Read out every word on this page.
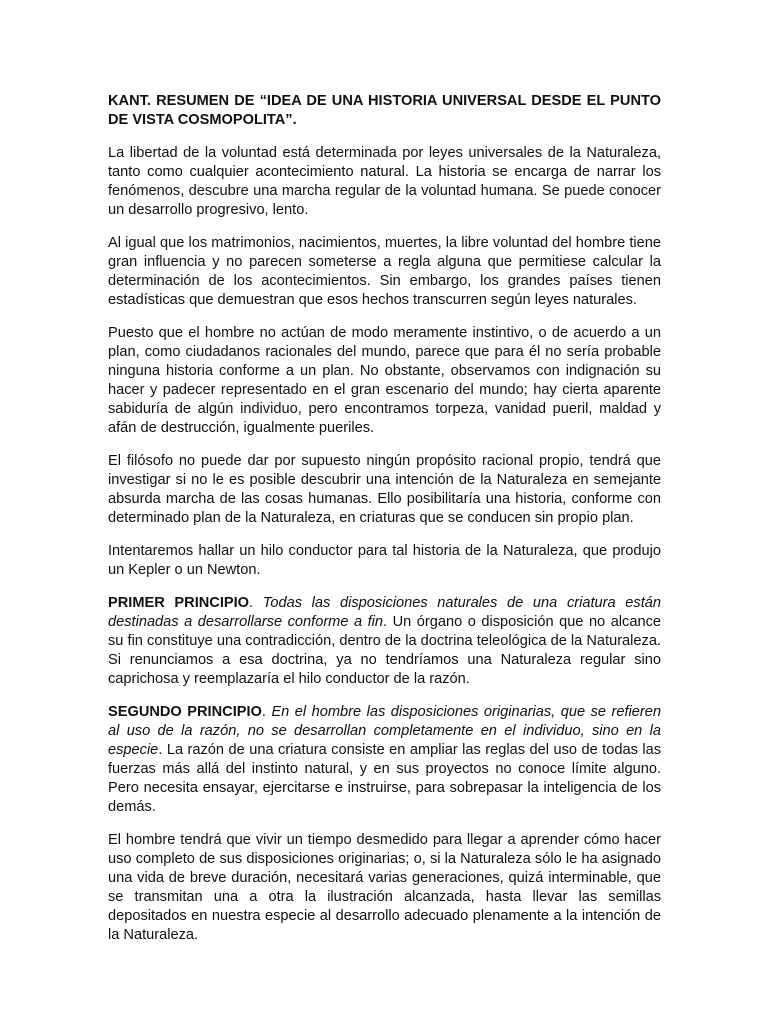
KANT. RESUMEN DE “IDEA DE UNA HISTORIA UNIVERSAL DESDE EL PUNTO DE VISTA COSMOPOLITA”.

La libertad de la voluntad está determinada por leyes universales de la Naturaleza, tanto como cualquier acontecimiento natural. La historia se encarga de narrar los fenómenos, descubre una marcha regular de la voluntad humana. Se puede conocer un desarrollo progresivo, lento.

Al igual que los matrimonios, nacimientos, muertes, la libre voluntad del hombre tiene gran influencia y no parecen someterse a regla alguna que permitiese calcular la determinación de los acontecimientos. Sin embargo, los grandes países tienen estadísticas que demuestran que esos hechos transcurren según leyes naturales.

Puesto que el hombre no actúan de modo meramente instintivo, o de acuerdo a un plan, como ciudadanos racionales del mundo, parece que para él no sería probable ninguna historia conforme a un plan. No obstante, observamos con indignación su hacer y padecer representado en el gran escenario del mundo; hay cierta aparente sabiduría de algún individuo, pero encontramos torpeza, vanidad pueril, maldad y afán de destrucción, igualmente pueriles.

El filósofo no puede dar por supuesto ningún propósito racional propio, tendrá que investigar si no le es posible descubrir una intención de la Naturaleza en semejante absurda marcha de las cosas humanas. Ello posibilitaría una historia, conforme con determinado plan de la Naturaleza, en criaturas que se conducen sin propio plan.

Intentaremos hallar un hilo conductor para tal historia de la Naturaleza, que produjo un Kepler o un Newton.

PRIMER PRINCIPIO. Todas las disposiciones naturales de una criatura están destinadas a desarrollarse conforme a fin. Un órgano o disposición que no alcance su fin constituye una contradicción, dentro de la doctrina teleológica de la Naturaleza. Si renunciamos a esa doctrina, ya no tendríamos una Naturaleza regular sino caprichosa y reemplazaría el hilo conductor de la razón.

SEGUNDO PRINCIPIO. En el hombre las disposiciones originarias, que se refieren al uso de la razón, no se desarrollan completamente en el individuo, sino en la especie. La razón de una criatura consiste en ampliar las reglas del uso de todas las fuerzas más allá del instinto natural, y en sus proyectos no conoce límite alguno. Pero necesita ensayar, ejercitarse e instruirse, para sobrepasar la inteligencia de los demás.

El hombre tendrá que vivir un tiempo desmedido para llegar a aprender cómo hacer uso completo de sus disposiciones originarias; o, si la Naturaleza sólo le ha asignado una vida de breve duración, necesitará varias generaciones, quizá interminable, que se transmitan una a otra la ilustración alcanzada, hasta llevar las semillas depositados en nuestra especie al desarrollo adecuado plenamente a la intención de la Naturaleza.
